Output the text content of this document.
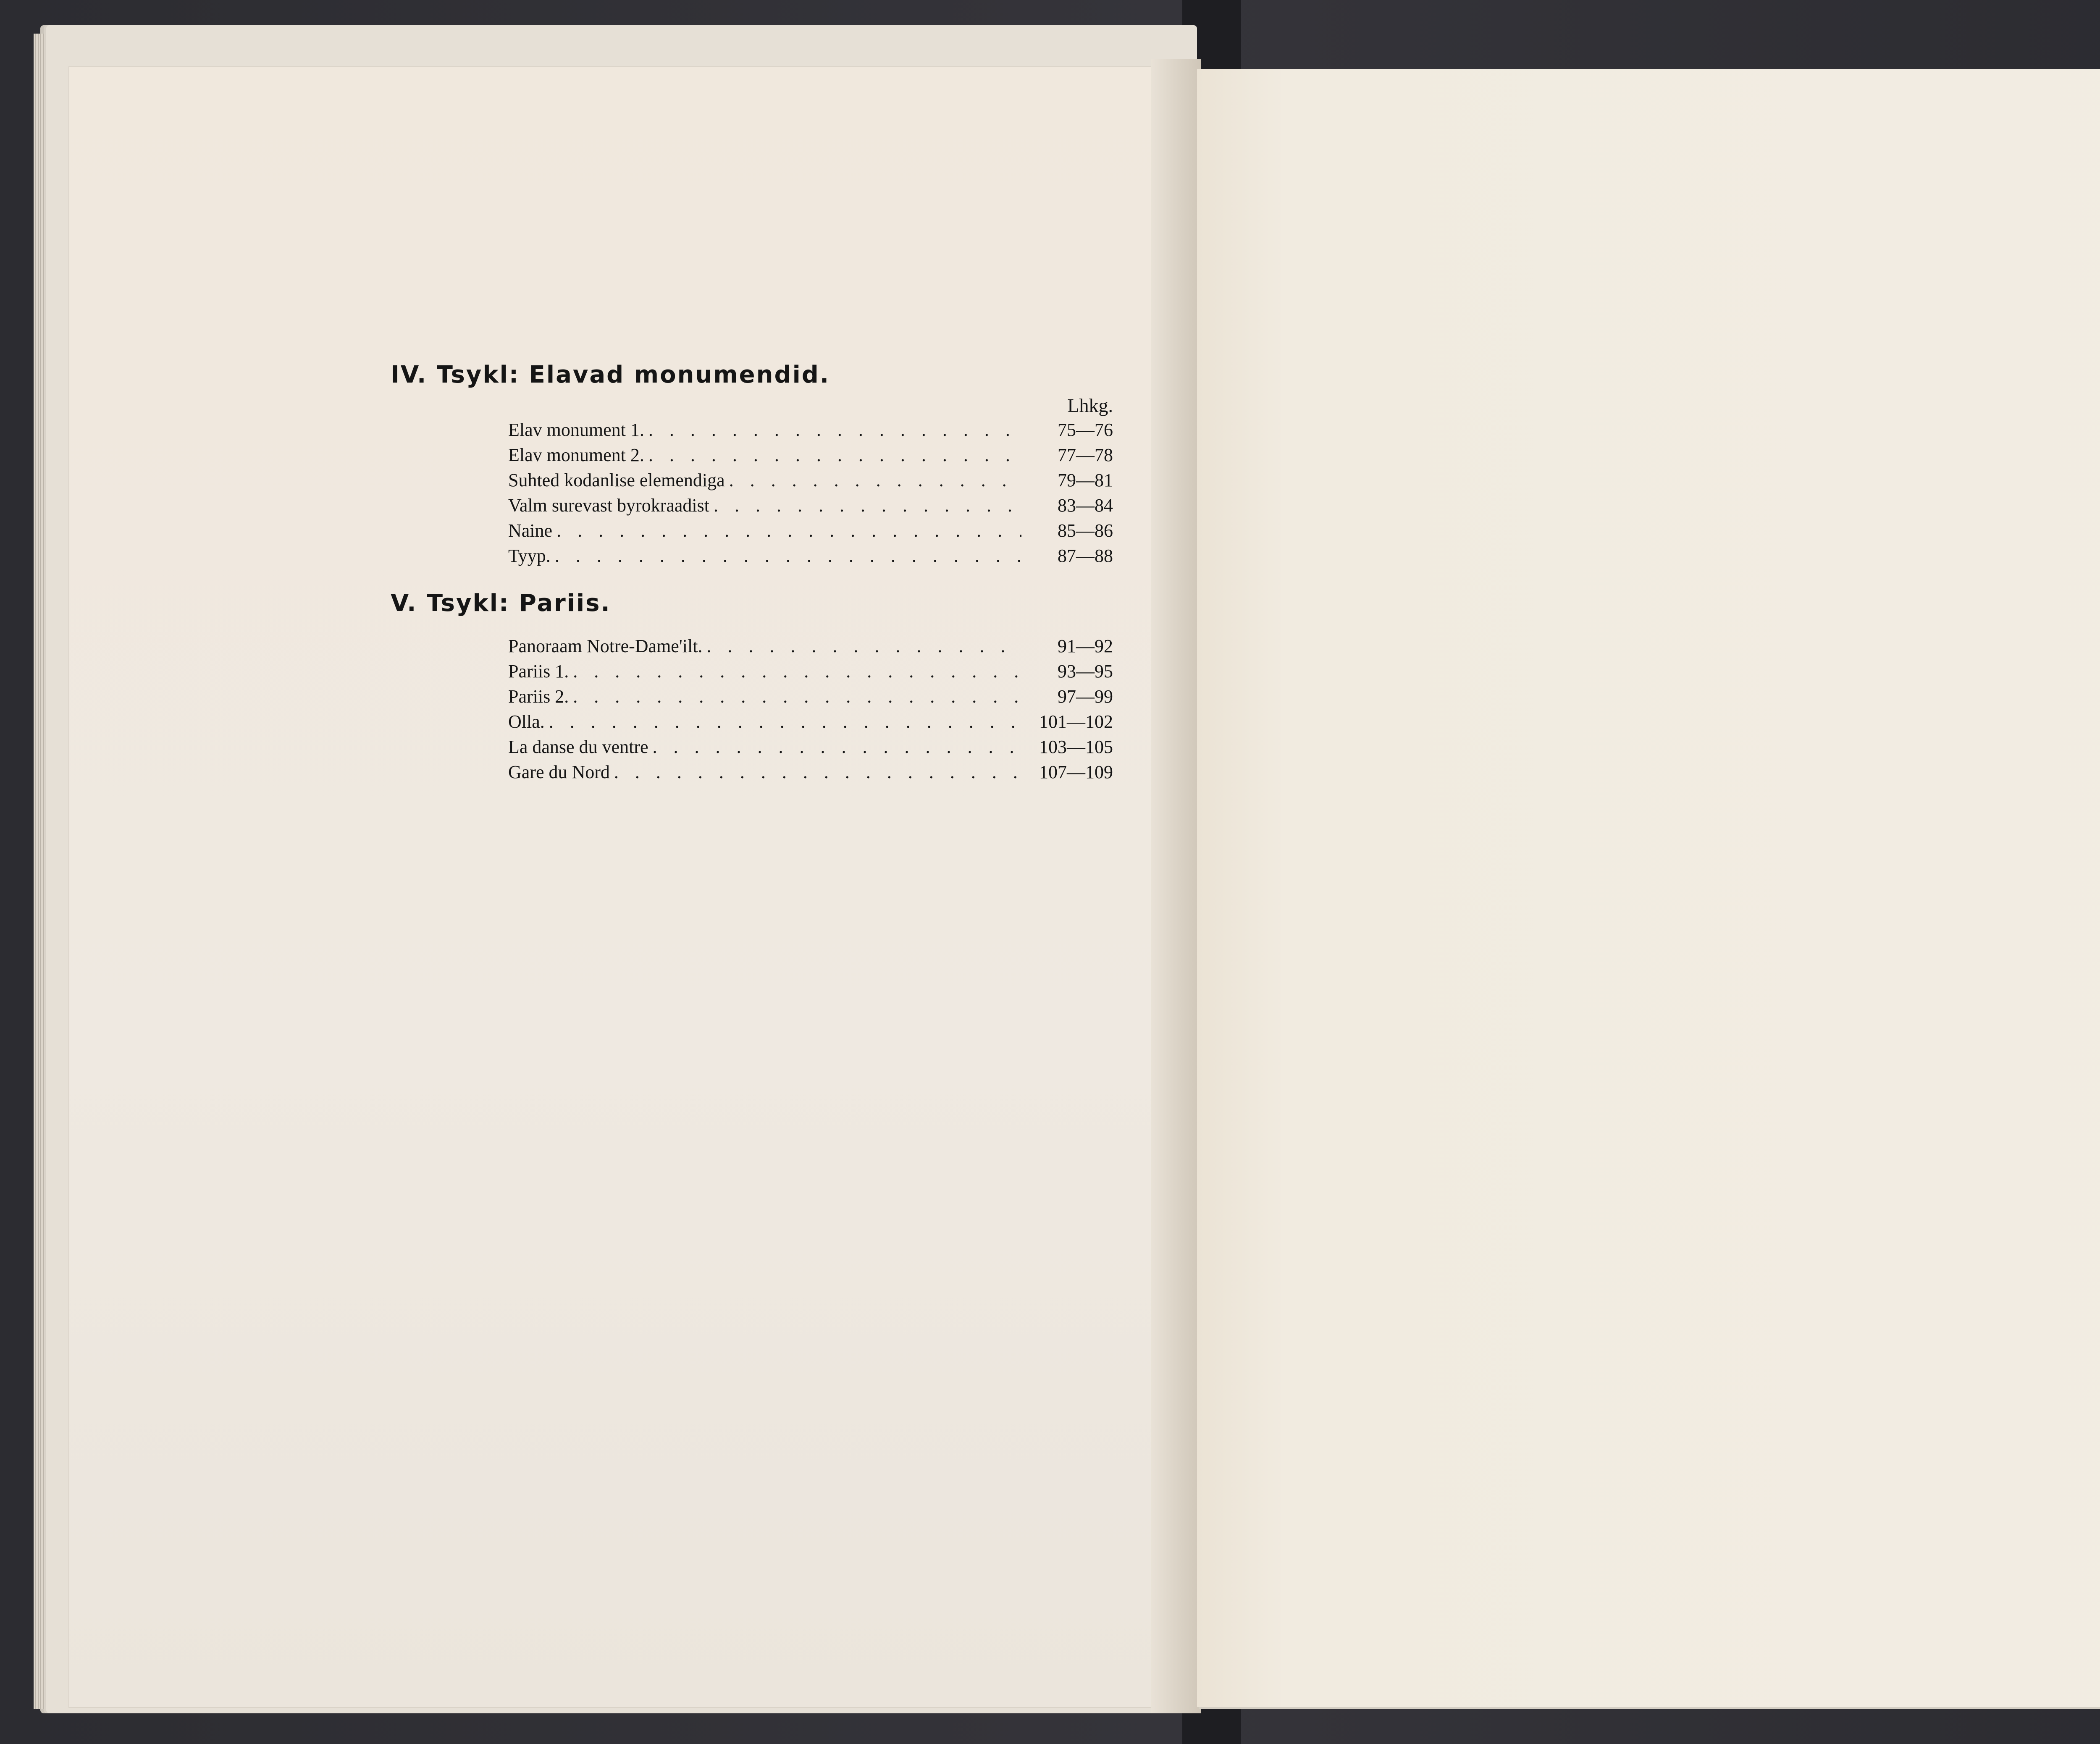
IV. Tsykl: Elavad monumendid.
Lhkg.
Elav monument 1. . . .	75—76
Elav monument 2. . . .	77—78
Suhted kodanlise elemendiga . . .	79—81
Valm surevast byrokraadist . . .	83—84
Naine . . .	85—86
Tyyp. . . .	87—88
V. Tsykl: Pariis.
Panoraam Notre-Dame'ilt. . . .	91—92
Pariis 1. . . .	93—95
Pariis 2. . . .	97—99
Olla. . . .	101—102
La danse du ventre . . .	103—105
Gare du Nord . . .	107—109
